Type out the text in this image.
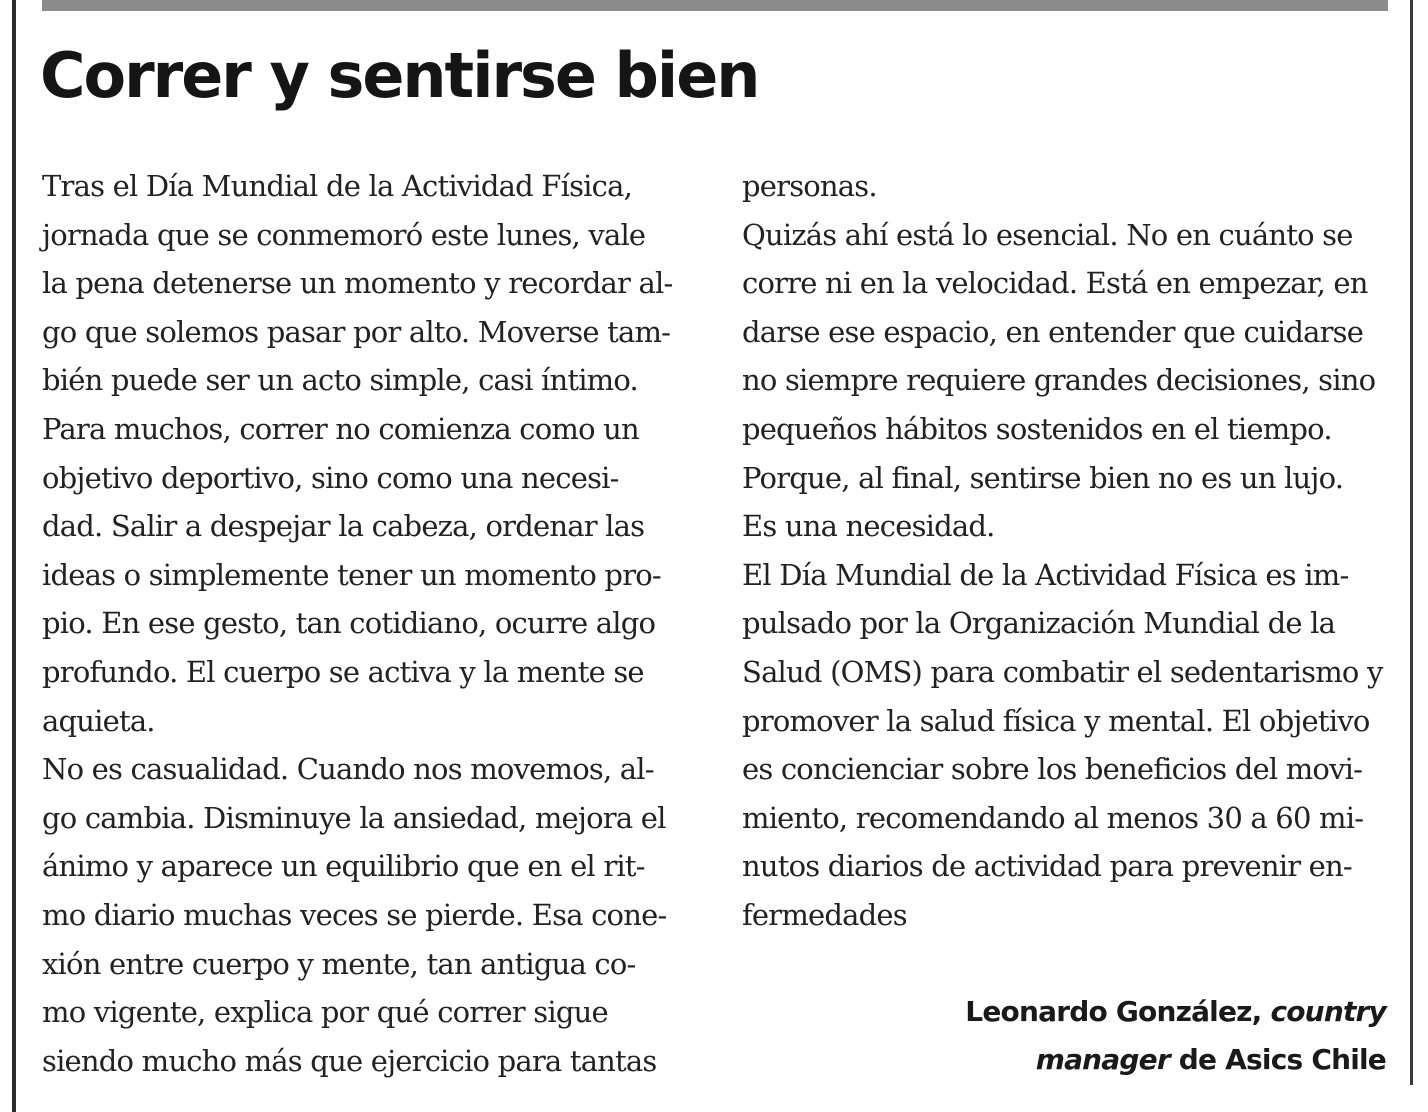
Correr y sentirse bien
Tras el Día Mundial de la Actividad Física,
jornada que se conmemoró este lunes, vale
la pena detenerse un momento y recordar al-
go que solemos pasar por alto. Moverse tam-
bién puede ser un acto simple, casi íntimo.
Para muchos, correr no comienza como un
objetivo deportivo, sino como una necesi-
dad. Salir a despejar la cabeza, ordenar las
ideas o simplemente tener un momento pro-
pio. En ese gesto, tan cotidiano, ocurre algo
profundo. El cuerpo se activa y la mente se
aquieta.
No es casualidad. Cuando nos movemos, al-
go cambia. Disminuye la ansiedad, mejora el
ánimo y aparece un equilibrio que en el rit-
mo diario muchas veces se pierde. Esa cone-
xión entre cuerpo y mente, tan antigua co-
mo vigente, explica por qué correr sigue
siendo mucho más que ejercicio para tantas
personas.
Quizás ahí está lo esencial. No en cuánto se
corre ni en la velocidad. Está en empezar, en
darse ese espacio, en entender que cuidarse
no siempre requiere grandes decisiones, sino
pequeños hábitos sostenidos en el tiempo.
Porque, al final, sentirse bien no es un lujo.
Es una necesidad.
El Día Mundial de la Actividad Física es im-
pulsado por la Organización Mundial de la
Salud (OMS) para combatir el sedentarismo y
promover la salud física y mental. El objetivo
es concienciar sobre los beneficios del movi-
miento, recomendando al menos 30 a 60 mi-
nutos diarios de actividad para prevenir en-
fermedades
Leonardo González, country
manager de Asics Chile
